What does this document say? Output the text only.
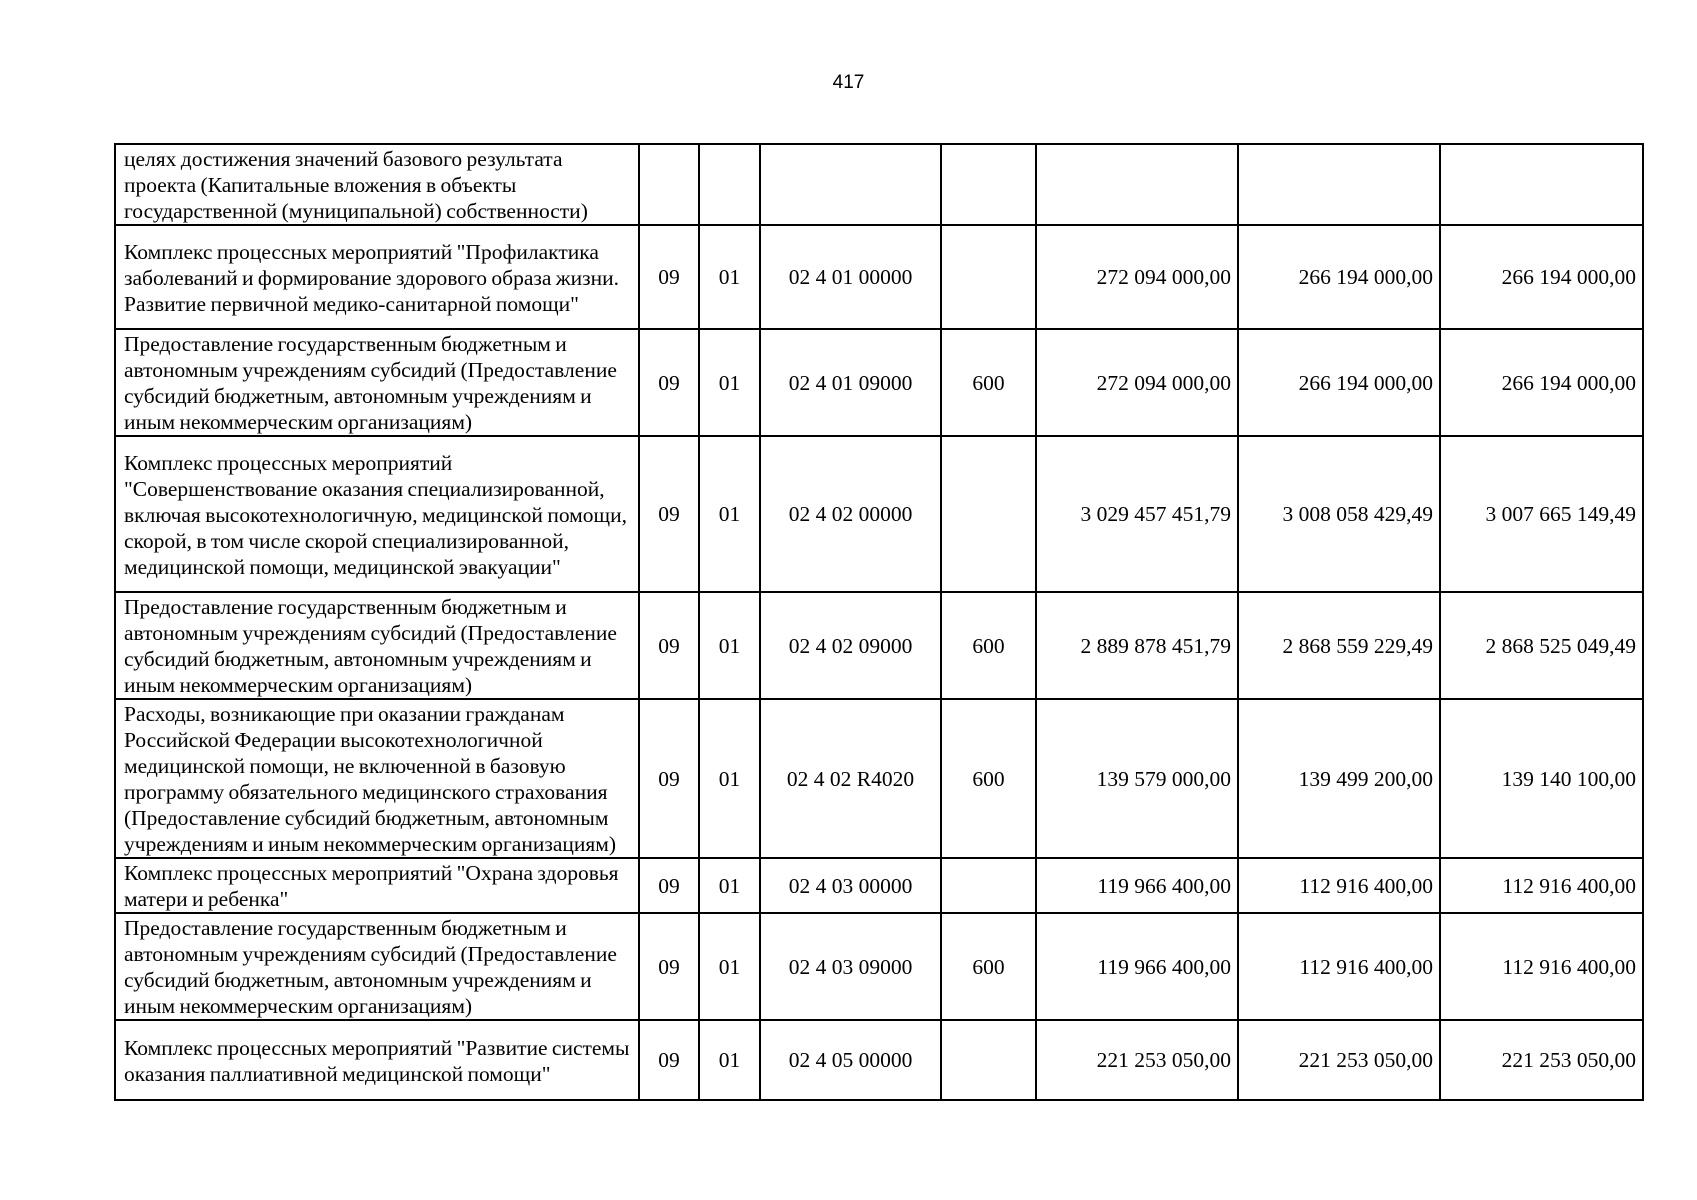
417
целях достижения значений базового результата проекта (Капитальные вложения в объекты государственной (муниципальной) собственности)							
Комплекс процессных мероприятий "Профилактика заболеваний и формирование здорового образа жизни. Развитие первичной медико-санитарной помощи"	09	01	02 4 01 00000		272 094 000,00	266 194 000,00	266 194 000,00
Предоставление государственным бюджетным и автономным учреждениям субсидий (Предоставление субсидий бюджетным, автономным учреждениям и иным некоммерческим организациям)	09	01	02 4 01 09000	600	272 094 000,00	266 194 000,00	266 194 000,00
Комплекс процессных мероприятий "Совершенствование оказания специализированной, включая высокотехнологичную, медицинской помощи, скорой, в том числе скорой специализированной, медицинской помощи, медицинской эвакуации"	09	01	02 4 02 00000		3 029 457 451,79	3 008 058 429,49	3 007 665 149,49
Предоставление государственным бюджетным и автономным учреждениям субсидий (Предоставление субсидий бюджетным, автономным учреждениям и иным некоммерческим организациям)	09	01	02 4 02 09000	600	2 889 878 451,79	2 868 559 229,49	2 868 525 049,49
Расходы, возникающие при оказании гражданам Российской Федерации высокотехнологичной медицинской помощи, не включенной в базовую программу обязательного медицинского страхования (Предоставление субсидий бюджетным, автономным учреждениям и иным некоммерческим организациям)	09	01	02 4 02 R4020	600	139 579 000,00	139 499 200,00	139 140 100,00
Комплекс процессных мероприятий "Охрана здоровья матери и ребенка"	09	01	02 4 03 00000		119 966 400,00	112 916 400,00	112 916 400,00
Предоставление государственным бюджетным и автономным учреждениям субсидий (Предоставление субсидий бюджетным, автономным учреждениям и иным некоммерческим организациям)	09	01	02 4 03 09000	600	119 966 400,00	112 916 400,00	112 916 400,00
Комплекс процессных мероприятий "Развитие системы оказания паллиативной медицинской помощи"	09	01	02 4 05 00000		221 253 050,00	221 253 050,00	221 253 050,00
